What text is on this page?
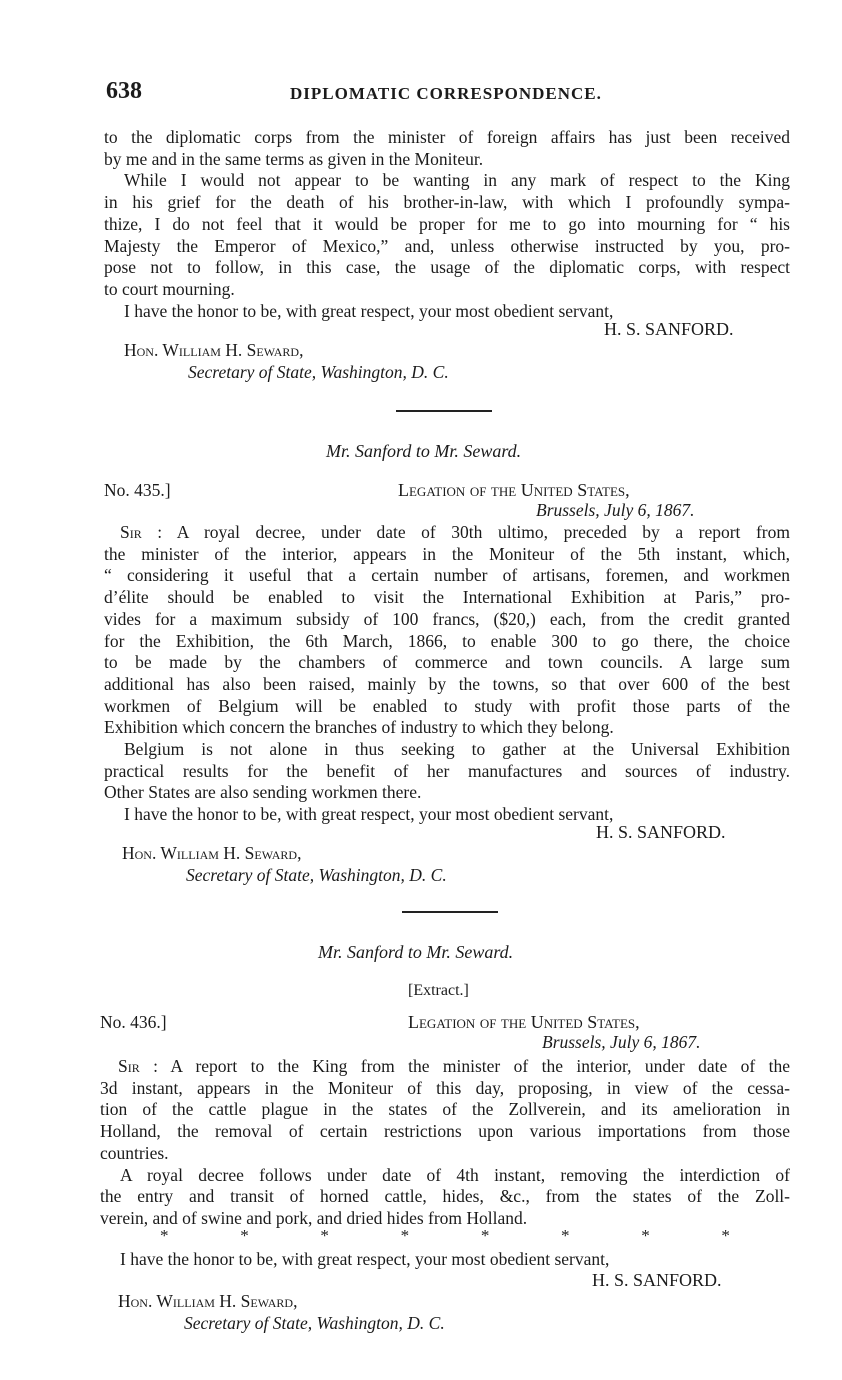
638	DIPLOMATIC CORRESPONDENCE.
to the diplomatic corps from the minister of foreign affairs has just been received
by me and in the same terms as given in the Moniteur.
While I would not appear to be wanting in any mark of respect to the King
in his grief for the death of his brother-in-law, with which I profoundly sympa-
thize, I do not feel that it would be proper for me to go into mourning for “ his
Majesty the Emperor of Mexico,” and, unless otherwise instructed by you, pro-
pose not to follow, in this case, the usage of the diplomatic corps, with respect
to court mourning.
I have the honor to be, with great respect, your most obedient servant,
H. S. SANFORD.
Hon. William H. Seward,
Secretary of State, Washington, D. C.
Mr. Sanford to Mr. Seward.
No. 435.]	Legation of the United States,
Brussels, July 6, 1867.
Sir : A royal decree, under date of 30th ultimo, preceded by a report from
the minister of the interior, appears in the Moniteur of the 5th instant, which,
“ considering it useful that a certain number of artisans, foremen, and workmen
d’élite should be enabled to visit the International Exhibition at Paris,” pro-
vides for a maximum subsidy of 100 francs, ($20,) each, from the credit granted
for the Exhibition, the 6th March, 1866, to enable 300 to go there, the choice
to be made by the chambers of commerce and town councils. A large sum
additional has also been raised, mainly by the towns, so that over 600 of the best
workmen of Belgium will be enabled to study with profit those parts of the
Exhibition which concern the branches of industry to which they belong.
Belgium is not alone in thus seeking to gather at the Universal Exhibition
practical results for the benefit of her manufactures and sources of industry.
Other States are also sending workmen there.
I have the honor to be, with great respect, your most obedient servant,
H. S. SANFORD.
Hon. William H. Seward,
Secretary of State, Washington, D. C.
Mr. Sanford to Mr. Seward.
[Extract.]
No. 436.]	Legation of the United States,
Brussels, July 6, 1867.
Sir : A report to the King from the minister of the interior, under date of the
3d instant, appears in the Moniteur of this day, proposing, in view of the cessa-
tion of the cattle plague in the states of the Zollverein, and its amelioration in
Holland, the removal of certain restrictions upon various importations from those
countries.
A royal decree follows under date of 4th instant, removing the interdiction of
the entry and transit of horned cattle, hides, &c., from the states of the Zoll-
verein, and of swine and pork, and dried hides from Holland.
*	*	*	*	*	*	*	*
I have the honor to be, with great respect, your most obedient servant,
H. S. SANFORD.
Hon. William H. Seward,
Secretary of State, Washington, D. C.
